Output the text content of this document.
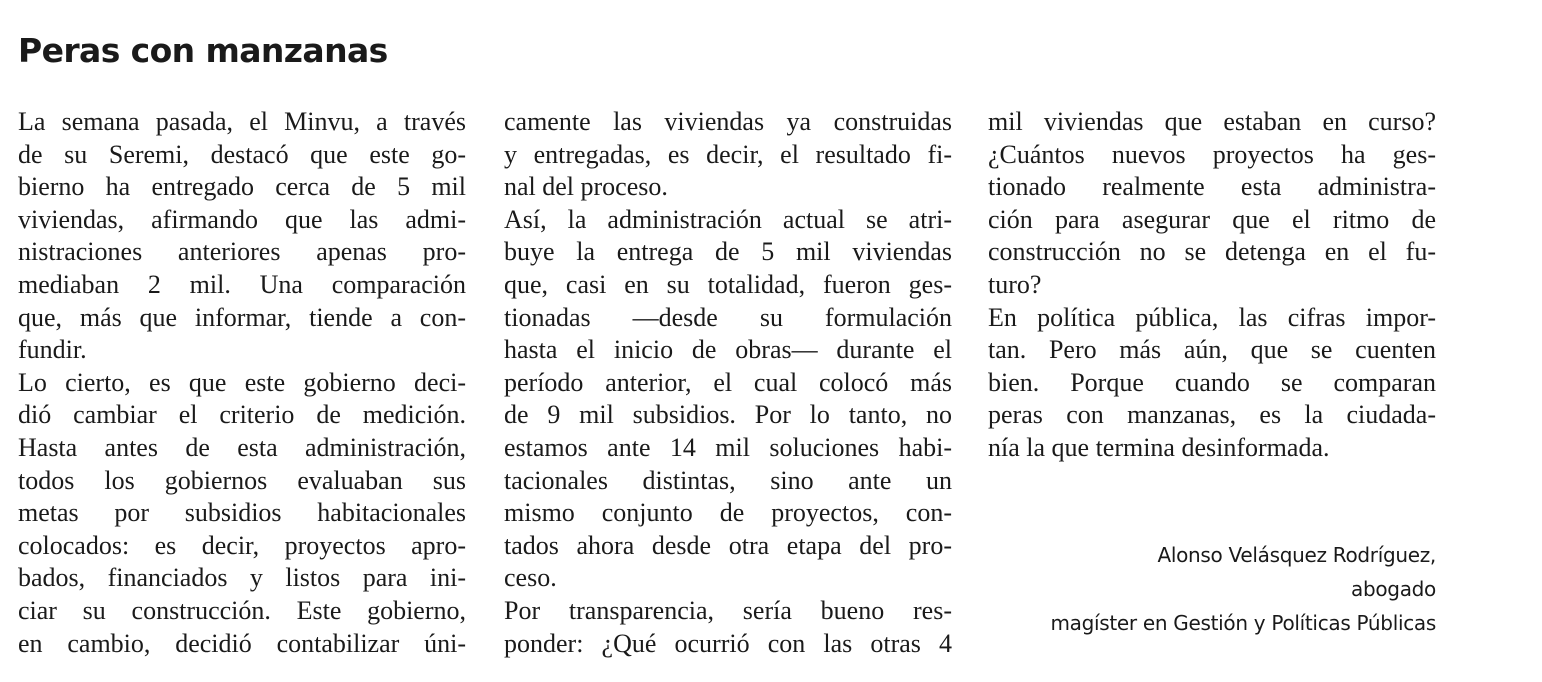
Peras con manzanas
La semana pasada, el Minvu, a través
de su Seremi, destacó que este go-
bierno ha entregado cerca de 5 mil
viviendas, afirmando que las admi-
nistraciones anteriores apenas pro-
mediaban 2 mil. Una comparación
que, más que informar, tiende a con-
fundir.
Lo cierto, es que este gobierno deci-
dió cambiar el criterio de medición.
Hasta antes de esta administración,
todos los gobiernos evaluaban sus
metas por subsidios habitacionales
colocados: es decir, proyectos apro-
bados, financiados y listos para ini-
ciar su construcción. Este gobierno,
en cambio, decidió contabilizar úni-
camente las viviendas ya construidas
y entregadas, es decir, el resultado fi-
nal del proceso.
Así, la administración actual se atri-
buye la entrega de 5 mil viviendas
que, casi en su totalidad, fueron ges-
tionadas —desde su formulación
hasta el inicio de obras— durante el
período anterior, el cual colocó más
de 9 mil subsidios. Por lo tanto, no
estamos ante 14 mil soluciones habi-
tacionales distintas, sino ante un
mismo conjunto de proyectos, con-
tados ahora desde otra etapa del pro-
ceso.
Por transparencia, sería bueno res-
ponder: ¿Qué ocurrió con las otras 4
mil viviendas que estaban en curso?
¿Cuántos nuevos proyectos ha ges-
tionado realmente esta administra-
ción para asegurar que el ritmo de
construcción no se detenga en el fu-
turo?
En política pública, las cifras impor-
tan. Pero más aún, que se cuenten
bien. Porque cuando se comparan
peras con manzanas, es la ciudada-
nía la que termina desinformada.
Alonso Velásquez Rodríguez,
abogado
magíster en Gestión y Políticas Públicas
